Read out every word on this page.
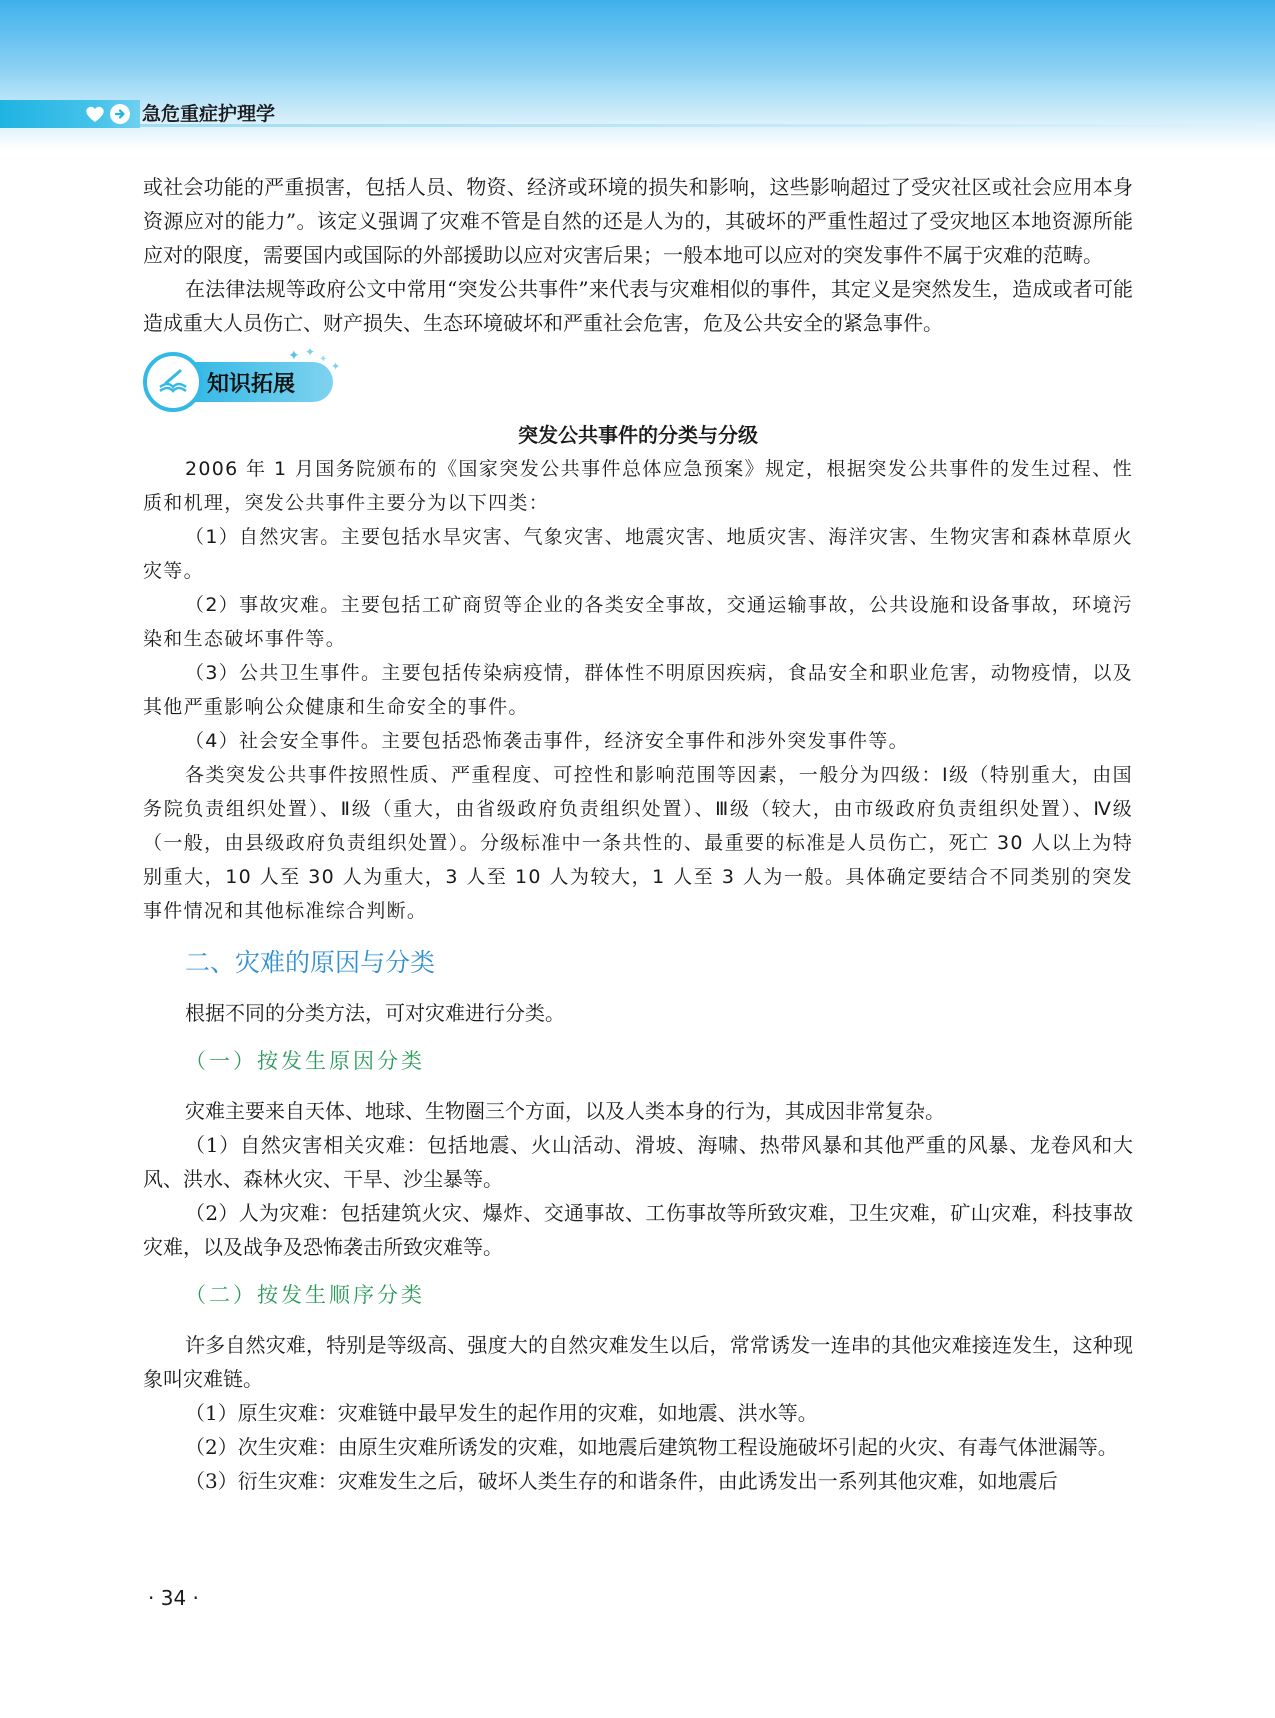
急危重症护理学

或社会功能的严重损害，包括人员、物资、经济或环境的损失和影响，这些影响超过了受灾社区或社会应用本身资源应对的能力”。该定义强调了灾难不管是自然的还是人为的，其破坏的严重性超过了受灾地区本地资源所能应对的限度，需要国内或国际的外部援助以应对灾害后果；一般本地可以应对的突发事件不属于灾难的范畴。

在法律法规等政府公文中常用“突发公共事件”来代表与灾难相似的事件，其定义是突然发生，造成或者可能造成重大人员伤亡、财产损失、生态环境破坏和严重社会危害，危及公共安全的紧急事件。

知识拓展
✦ ✦
✦
✦
突发公共事件的分类与分级

2006 年 1 月国务院颁布的《国家突发公共事件总体应急预案》规定，根据突发公共事件的发生过程、性质和机理，突发公共事件主要分为以下四类：

（1）自然灾害。主要包括水旱灾害、气象灾害、地震灾害、地质灾害、海洋灾害、生物灾害和森林草原火灾等。

（2）事故灾难。主要包括工矿商贸等企业的各类安全事故，交通运输事故，公共设施和设备事故，环境污染和生态破坏事件等。

（3）公共卫生事件。主要包括传染病疫情，群体性不明原因疾病，食品安全和职业危害，动物疫情，以及其他严重影响公众健康和生命安全的事件。

（4）社会安全事件。主要包括恐怖袭击事件，经济安全事件和涉外突发事件等。

各类突发公共事件按照性质、严重程度、可控性和影响范围等因素，一般分为四级：Ⅰ级（特别重大，由国务院负责组织处置）、Ⅱ级（重大，由省级政府负责组织处置）、Ⅲ级（较大，由市级政府负责组织处置）、Ⅳ级（一般，由县级政府负责组织处置）。分级标准中一条共性的、最重要的标准是人员伤亡，死亡 30 人以上为特别重大，10 人至 30 人为重大，3 人至 10 人为较大，1 人至 3 人为一般。具体确定要结合不同类别的突发事件情况和其他标准综合判断。

二、灾难的原因与分类

根据不同的分类方法，可对灾难进行分类。

（一）按发生原因分类

灾难主要来自天体、地球、生物圈三个方面，以及人类本身的行为，其成因非常复杂。

（1）自然灾害相关灾难：包括地震、火山活动、滑坡、海啸、热带风暴和其他严重的风暴、龙卷风和大风、洪水、森林火灾、干旱、沙尘暴等。

（2）人为灾难：包括建筑火灾、爆炸、交通事故、工伤事故等所致灾难，卫生灾难，矿山灾难，科技事故灾难，以及战争及恐怖袭击所致灾难等。

（二）按发生顺序分类

许多自然灾难，特别是等级高、强度大的自然灾难发生以后，常常诱发一连串的其他灾难接连发生，这种现象叫灾难链。

（1）原生灾难：灾难链中最早发生的起作用的灾难，如地震、洪水等。

（2）次生灾难：由原生灾难所诱发的灾难，如地震后建筑物工程设施破坏引起的火灾、有毒气体泄漏等。

（3）衍生灾难：灾难发生之后，破坏人类生存的和谐条件，由此诱发出一系列其他灾难，如地震后

· 34 ·
